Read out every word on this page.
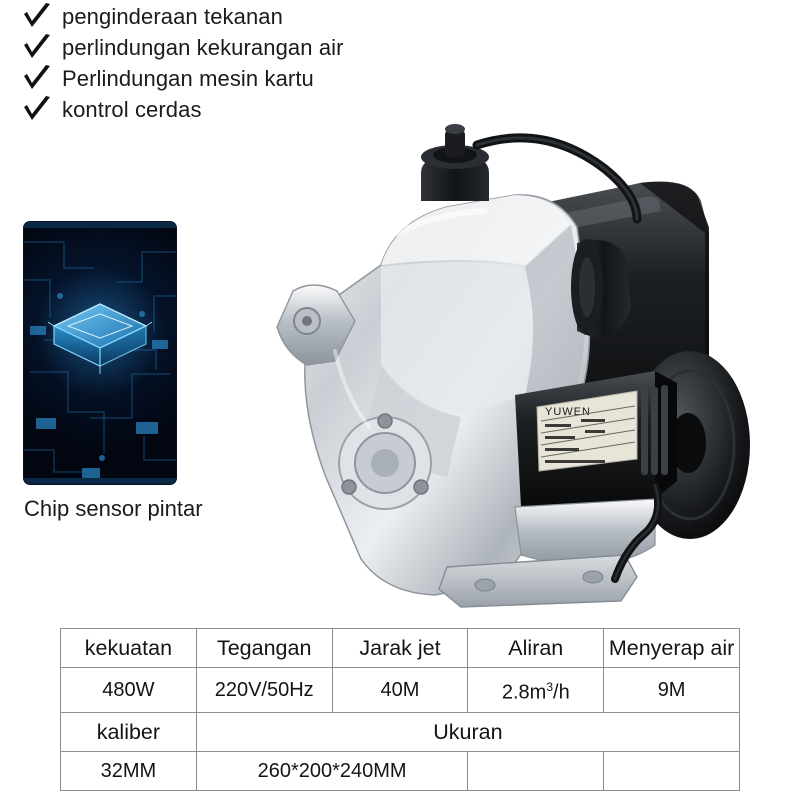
penginderaan tekanan
perlindungan kekurangan air
Perlindungan mesin kartu
kontrol cerdas
Chip sensor pintar
YUWEN
kekuatan	Tegangan	Jarak jet	Aliran	Menyerap air
480W	220V/50Hz	40M	$2.8m^3/h$	9M
kaliber	Ukuran			
32MM	260*200*240MM			
